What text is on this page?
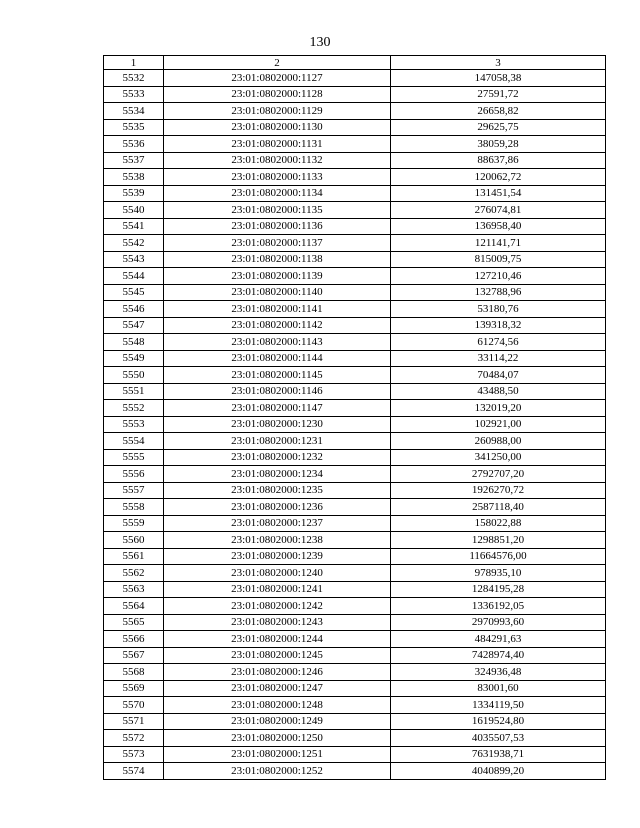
130
1	2	3
5532	23:01:0802000:1127	147058,38
5533	23:01:0802000:1128	27591,72
5534	23:01:0802000:1129	26658,82
5535	23:01:0802000:1130	29625,75
5536	23:01:0802000:1131	38059,28
5537	23:01:0802000:1132	88637,86
5538	23:01:0802000:1133	120062,72
5539	23:01:0802000:1134	131451,54
5540	23:01:0802000:1135	276074,81
5541	23:01:0802000:1136	136958,40
5542	23:01:0802000:1137	121141,71
5543	23:01:0802000:1138	815009,75
5544	23:01:0802000:1139	127210,46
5545	23:01:0802000:1140	132788,96
5546	23:01:0802000:1141	53180,76
5547	23:01:0802000:1142	139318,32
5548	23:01:0802000:1143	61274,56
5549	23:01:0802000:1144	33114,22
5550	23:01:0802000:1145	70484,07
5551	23:01:0802000:1146	43488,50
5552	23:01:0802000:1147	132019,20
5553	23:01:0802000:1230	102921,00
5554	23:01:0802000:1231	260988,00
5555	23:01:0802000:1232	341250,00
5556	23:01:0802000:1234	2792707,20
5557	23:01:0802000:1235	1926270,72
5558	23:01:0802000:1236	2587118,40
5559	23:01:0802000:1237	158022,88
5560	23:01:0802000:1238	1298851,20
5561	23:01:0802000:1239	11664576,00
5562	23:01:0802000:1240	978935,10
5563	23:01:0802000:1241	1284195,28
5564	23:01:0802000:1242	1336192,05
5565	23:01:0802000:1243	2970993,60
5566	23:01:0802000:1244	484291,63
5567	23:01:0802000:1245	7428974,40
5568	23:01:0802000:1246	324936,48
5569	23:01:0802000:1247	83001,60
5570	23:01:0802000:1248	1334119,50
5571	23:01:0802000:1249	1619524,80
5572	23:01:0802000:1250	4035507,53
5573	23:01:0802000:1251	7631938,71
5574	23:01:0802000:1252	4040899,20
